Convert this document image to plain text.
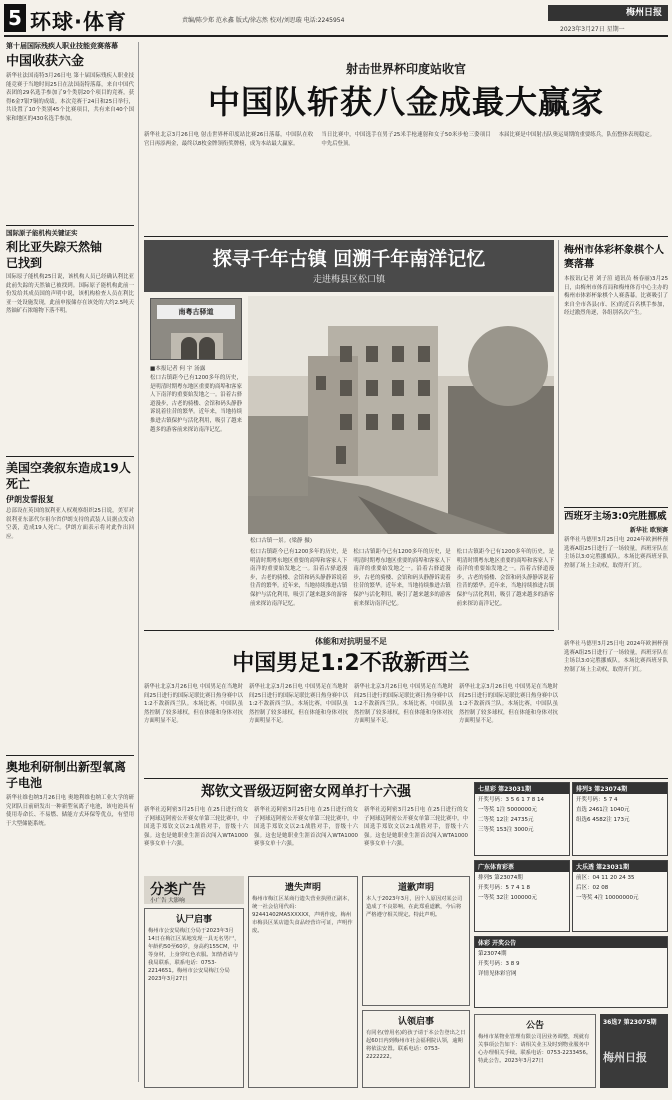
5 环球·体育	责编/陈少郑 范永鑫 版式/徐志然 校对/刘思璇 电话:2245954
梅州日报
2023年3月27日 星期一
第十届国际残疾人职业技能竞赛落幕
中国收获六金
新华社法国南特3月26日电 第十届国际残疾人职业技能竞赛于当地时间25日在法国南特落幕，来自中国代表团的29名选手参加了9个类别20个项目的竞赛，获得6金7银7铜的成绩。本次竞赛于24日和25日举行，共设置了10个类别45个比赛项目，共有来自40个国家和地区的430名选手参加。
国际原子能机构关键证实
利比亚失踪天然铀已找到
国际原子能机构25日说，该机构人员已经确认利比亚此前失踪的天然铀已被找到。国际原子能机构此前一份发给其成员国的声明中说，该机构检查人员在利比亚一处设施发现，此前申报储存在该处的大约2.5吨天然铀矿石浓缩物下落不明。
美国空袭叙东造成19人死亡
伊朗发誓报复
总部设在英国的叙利亚人权观察组织25日说，美军对叙利亚东部代尔祖尔省伊朗支持的武装人员据点发动空袭，造成19人死亡。伊朗方面表示将对此作出回应。
奥地利研制出新型氧离子电池
新华社维也纳3月26日电 奥地利维也纳工业大学的研究团队日前研发出一种新型氧离子电池，该电池具有使用寿命长、不易燃、储能方式环保等优点，有望用于大型储能系统。
射击世界杯印度站收官
中国队斩获八金成最大赢家
新华社北京3月26日电 射击世界杯印度站比赛26日落幕，中国队在收官日再添两金，最终以8枚金牌领衔奖牌榜，成为本站最大赢家。
当日比赛中，中国选手在男子25米手枪速射和女子50米步枪三姿项目中先后登顶。
本届比赛是中国射击队奥运周期的重要练兵，队伍整体表现稳定。
探寻千年古镇 回溯千年南洋记忆
走进梅县区松口镇
南粤古驿道
■本报记者 何 宇 汤露
松口古镇一景。(梁静 摄)
松口古镇距今已有1200多年的历史，是明清时期粤东地区重要的商埠和客家人下南洋的重要始发地之一。沿着古驿道漫步，古老的骑楼、会馆和码头静静诉说着往昔的繁华。近年来，当地持续推进古镇保护与活化利用，吸引了越来越多的游客前来探访南洋记忆。
松口古镇距今已有1200多年的历史，是明清时期粤东地区重要的商埠和客家人下南洋的重要始发地之一。沿着古驿道漫步，古老的骑楼、会馆和码头静静诉说着往昔的繁华。近年来，当地持续推进古镇保护与活化利用，吸引了越来越多的游客前来探访南洋记忆。
松口古镇距今已有1200多年的历史，是明清时期粤东地区重要的商埠和客家人下南洋的重要始发地之一。沿着古驿道漫步，古老的骑楼、会馆和码头静静诉说着往昔的繁华。近年来，当地持续推进古镇保护与活化利用，吸引了越来越多的游客前来探访南洋记忆。
松口古镇距今已有1200多年的历史，是明清时期粤东地区重要的商埠和客家人下南洋的重要始发地之一。沿着古驿道漫步，古老的骑楼、会馆和码头静静诉说着往昔的繁华。近年来，当地持续推进古镇保护与活化利用，吸引了越来越多的游客前来探访南洋记忆。
梅州市体彩杯象棋个人赛落幕
本报讯(记者 刘子渲 通讯员 杨春丽)3月25日，由梅州市体育局和梅州体育中心主办的梅州市体彩杯象棋个人赛落幕。比赛吸引了来自全市各县(市、区)的近百名棋手参加，经过激烈角逐，各组别名次产生。
西班牙主场3:0完胜挪威
新华社 欧预赛
新华社马德里3月25日电 2024年欧洲杯预选赛A组25日进行了一场较量，西班牙队在主场以3:0完胜挪威队。本场比赛西班牙队控制了场上主动权，取得开门红。
体能和对抗明显不足
中国男足1:2不敌新西兰
新华社北京3月26日电 中国男足在当地时间25日进行的国际足联比赛日热身赛中以1:2不敌新西兰队。本场比赛，中国队虽然控制了较多球权，但在体能和身体对抗方面明显不足。
新华社北京3月26日电 中国男足在当地时间25日进行的国际足联比赛日热身赛中以1:2不敌新西兰队。本场比赛，中国队虽然控制了较多球权，但在体能和身体对抗方面明显不足。
新华社北京3月26日电 中国男足在当地时间25日进行的国际足联比赛日热身赛中以1:2不敌新西兰队。本场比赛，中国队虽然控制了较多球权，但在体能和身体对抗方面明显不足。
新华社北京3月26日电 中国男足在当地时间25日进行的国际足联比赛日热身赛中以1:2不敌新西兰队。本场比赛，中国队虽然控制了较多球权，但在体能和身体对抗方面明显不足。
新华社马德里3月25日电 2024年欧洲杯预选赛A组25日进行了一场较量，西班牙队在主场以3:0完胜挪威队。本场比赛西班牙队控制了场上主动权，取得开门红。
郑钦文晋级迈阿密女网单打十六强
新华社迈阿密3月25日电 在25日进行的女子网球迈阿密公开赛女单第三轮比赛中，中国选手郑钦文以2:1战胜对手，晋级十六强。这也是她职业生涯首次闯入WTA1000赛事女单十六强。
新华社迈阿密3月25日电 在25日进行的女子网球迈阿密公开赛女单第三轮比赛中，中国选手郑钦文以2:1战胜对手，晋级十六强。这也是她职业生涯首次闯入WTA1000赛事女单十六强。
新华社迈阿密3月25日电 在25日进行的女子网球迈阿密公开赛女单第三轮比赛中，中国选手郑钦文以2:1战胜对手，晋级十六强。这也是她职业生涯首次闯入WTA1000赛事女单十六强。
七星彩 第23031期
开奖号码：3 5 6 1 7 8 14
一等奖 1注 5000000元
二等奖 12注 24735元
三等奖 153注 3000元
排列3 第23074期
开奖号码：5 7 4
直选 2461注 1040元
组选6 4582注 173元
广东体育彩票
排列5 第23074期
开奖号码：5 7 4 1 8
一等奖 32注 100000元
大乐透 第23031期
前区：04 11 20 24 35
后区：02 08
一等奖 4注 10000000元
体彩 开奖公告
第23074期
开奖号码：3 8 9
详情见体彩官网
分类广告
小广告 大影响
认尸启事
梅州市公安局梅江分局于2023年3月14日在梅江区某地发现一具无名男尸，年龄约50至60岁，身高约155CM，中等身材，上身穿红色衣服。知情者请与我局联系，联系电话：0753-2214651。梅州市公安局梅江分局 2023年3月27日
遗失声明
梅州市梅江区某商行遗失营业执照正副本，统一社会信用代码：92441402MA5XXXXX，声明作废。梅州市梅县区某店遗失食品经营许可证，声明作废。
道歉声明
本人于2023年3月，因个人原因对某公司造成了不良影响，在此郑重道歉，今后将严格遵守相关规定。特此声明。
认领启事
有同名(曾用名)的孩子请于本公告登出之日起60日内到梅州市社会福利院认领，逾期将依法安置。联系电话：0753-2222222。
公告
梅州市某物业管理有限公司因业务调整，现就有关事项公告如下：请相关业主及时到物业服务中心办理相关手续。联系电话：0753-2233456。特此公告。2023年3月27日
36选7 第23075期
梅州日报
